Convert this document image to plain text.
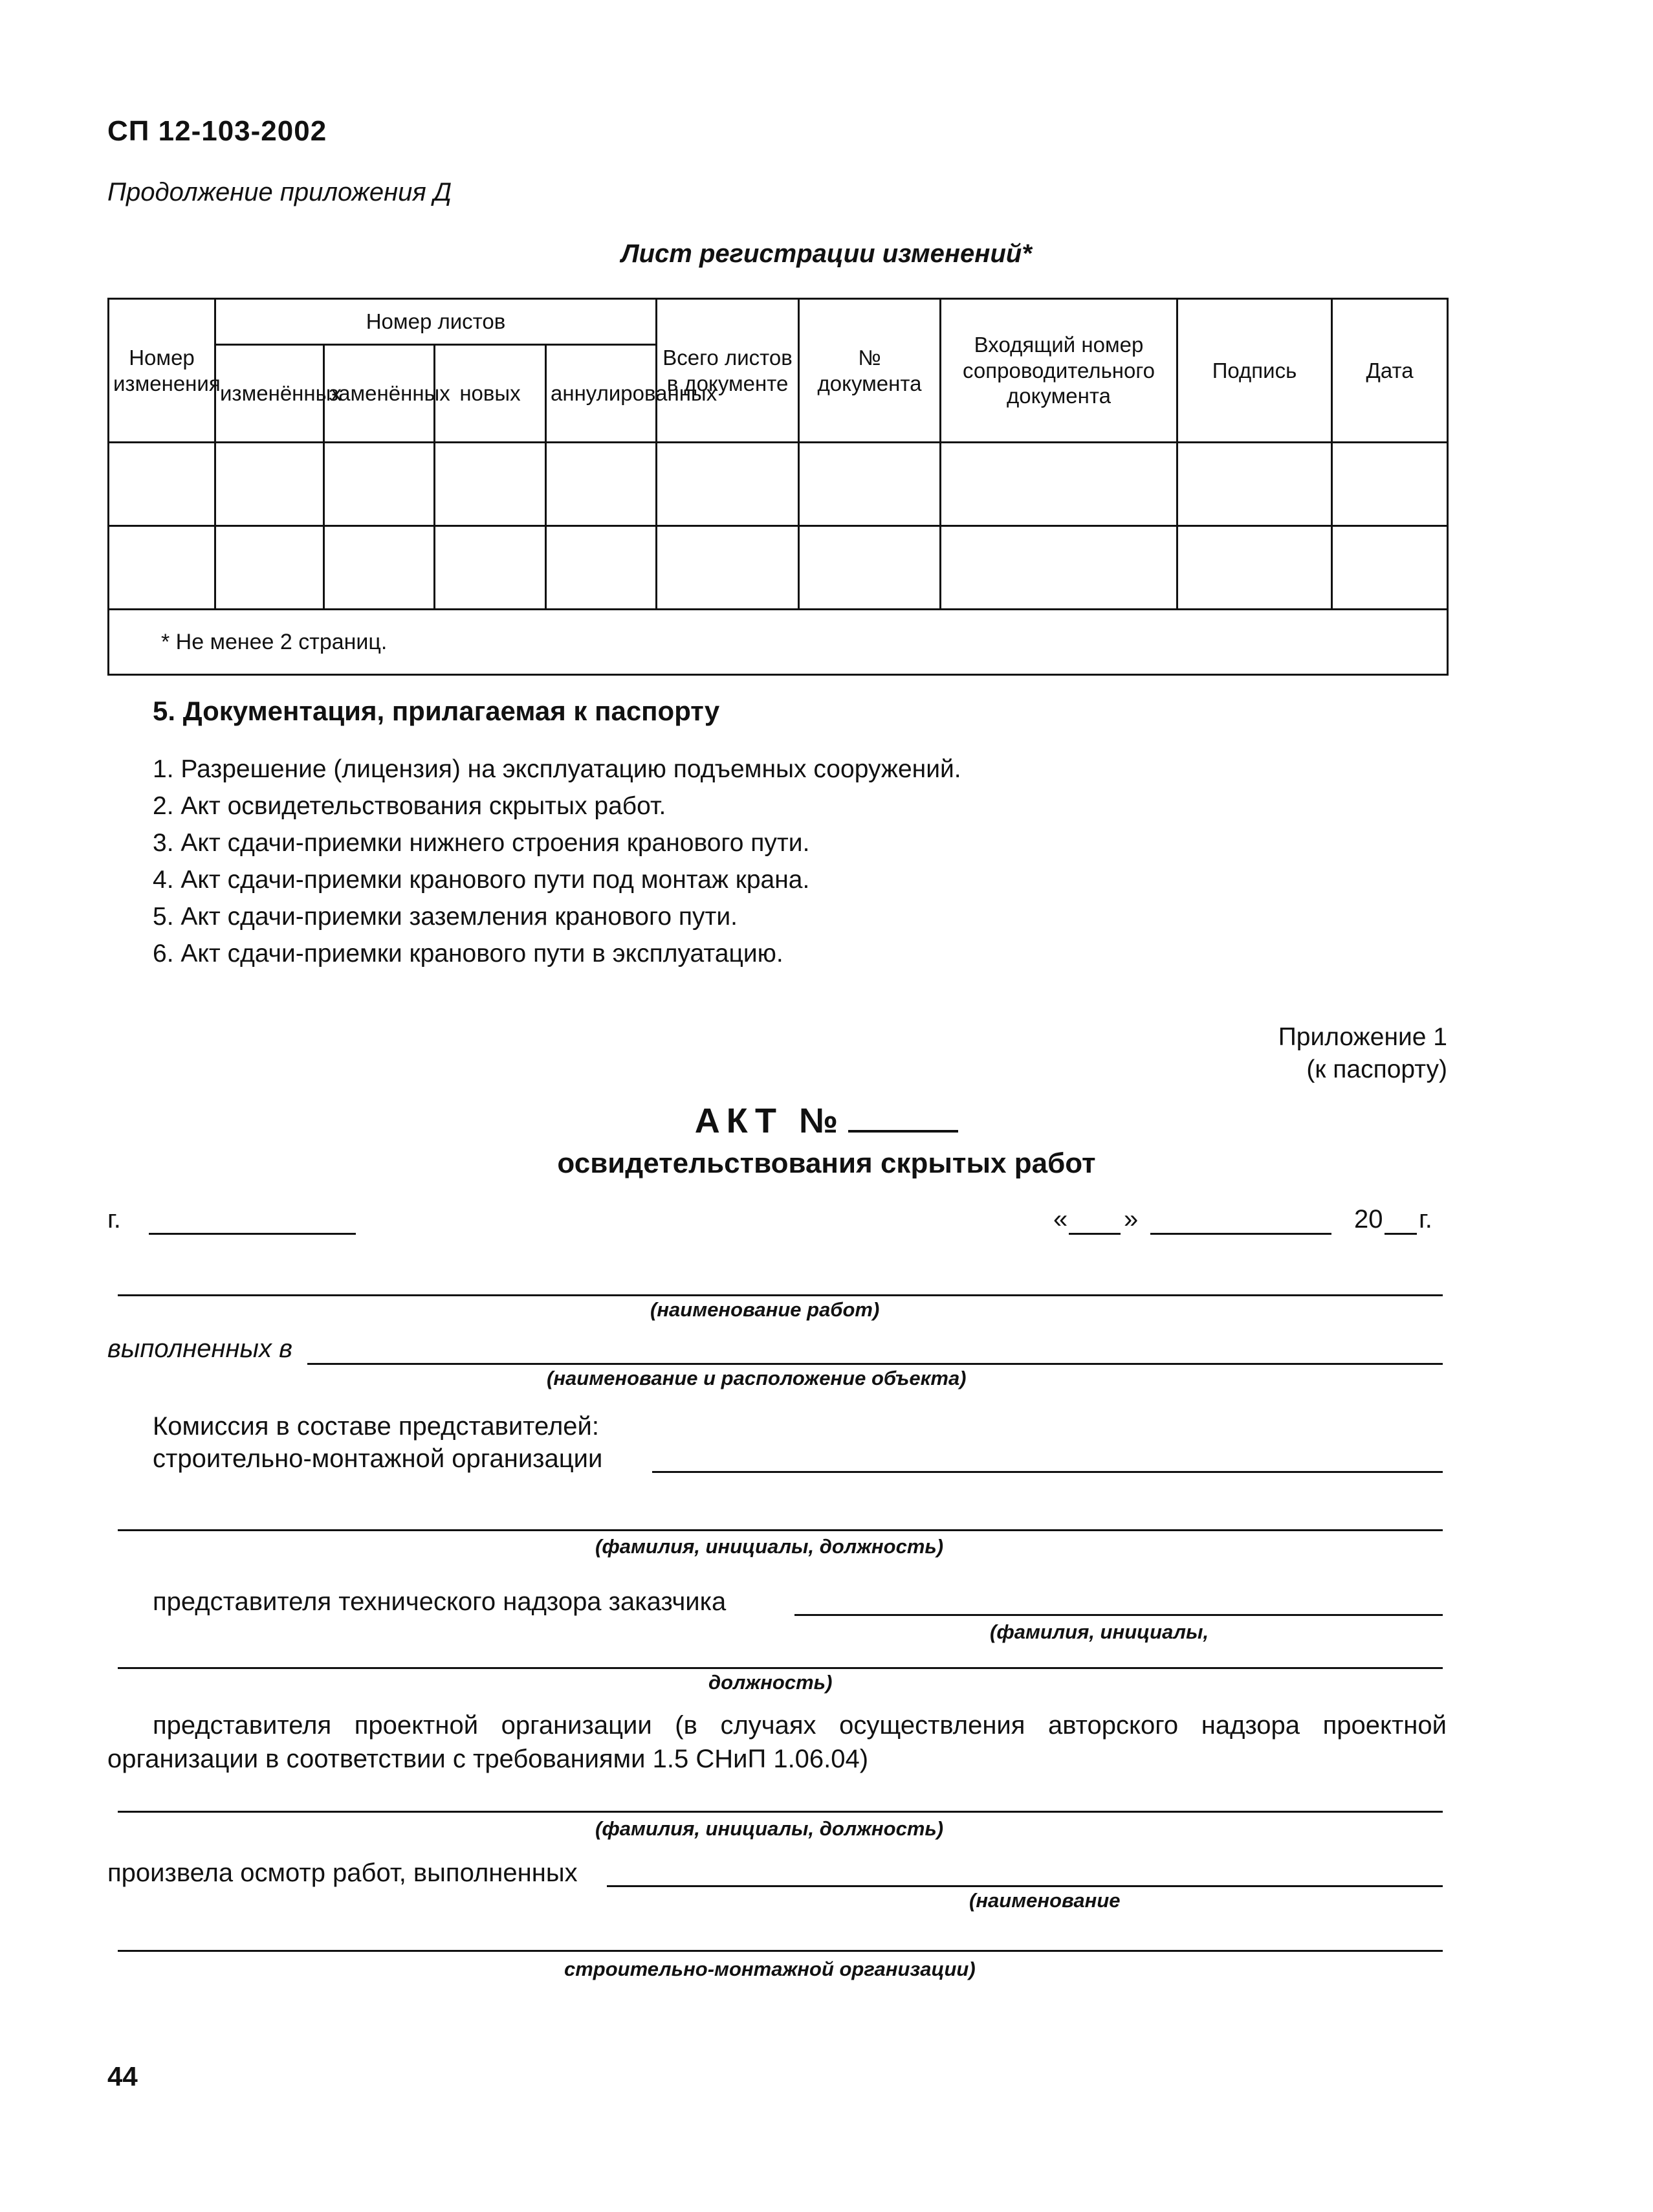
СП 12-103-2002
Продолжение приложения Д
Лист регистрации изменений*
Номер изменения	Номер листов				Всего листов в документе	№ документа	Входящий номер сопроводительного документа	Подпись	Дата
	изменённых	заменённых	новых	аннулированных					

* Не менее 2 страниц.									
5. Документация, прилагаемая к паспорту
1. Разрешение (лицензия) на эксплуатацию подъемных сооружений.
2. Акт освидетельствования скрытых работ.
3. Акт сдачи-приемки нижнего строения кранового пути.
4. Акт сдачи-приемки кранового пути под монтаж крана.
5. Акт сдачи-приемки заземления кранового пути.
6. Акт сдачи-приемки кранового пути в эксплуатацию.
Приложение 1
(к паспорту)
АКТ №
освидетельствования скрытых работ
г.	« »	20 г.
(наименование работ)
выполненных в
(наименование и расположение объекта)
Комиссия в составе представителей:
строительно-монтажной организации
(фамилия, инициалы, должность)
представителя технического надзора заказчика
(фамилия, инициалы,
должность)
представителя проектной организации (в случаях осуществления авторского надзора проектной организации в соответствии с требованиями 1.5 СНиП 1.06.04)
(фамилия, инициалы, должность)
произвела осмотр работ, выполненных
(наименование
строительно-монтажной организации)
44
